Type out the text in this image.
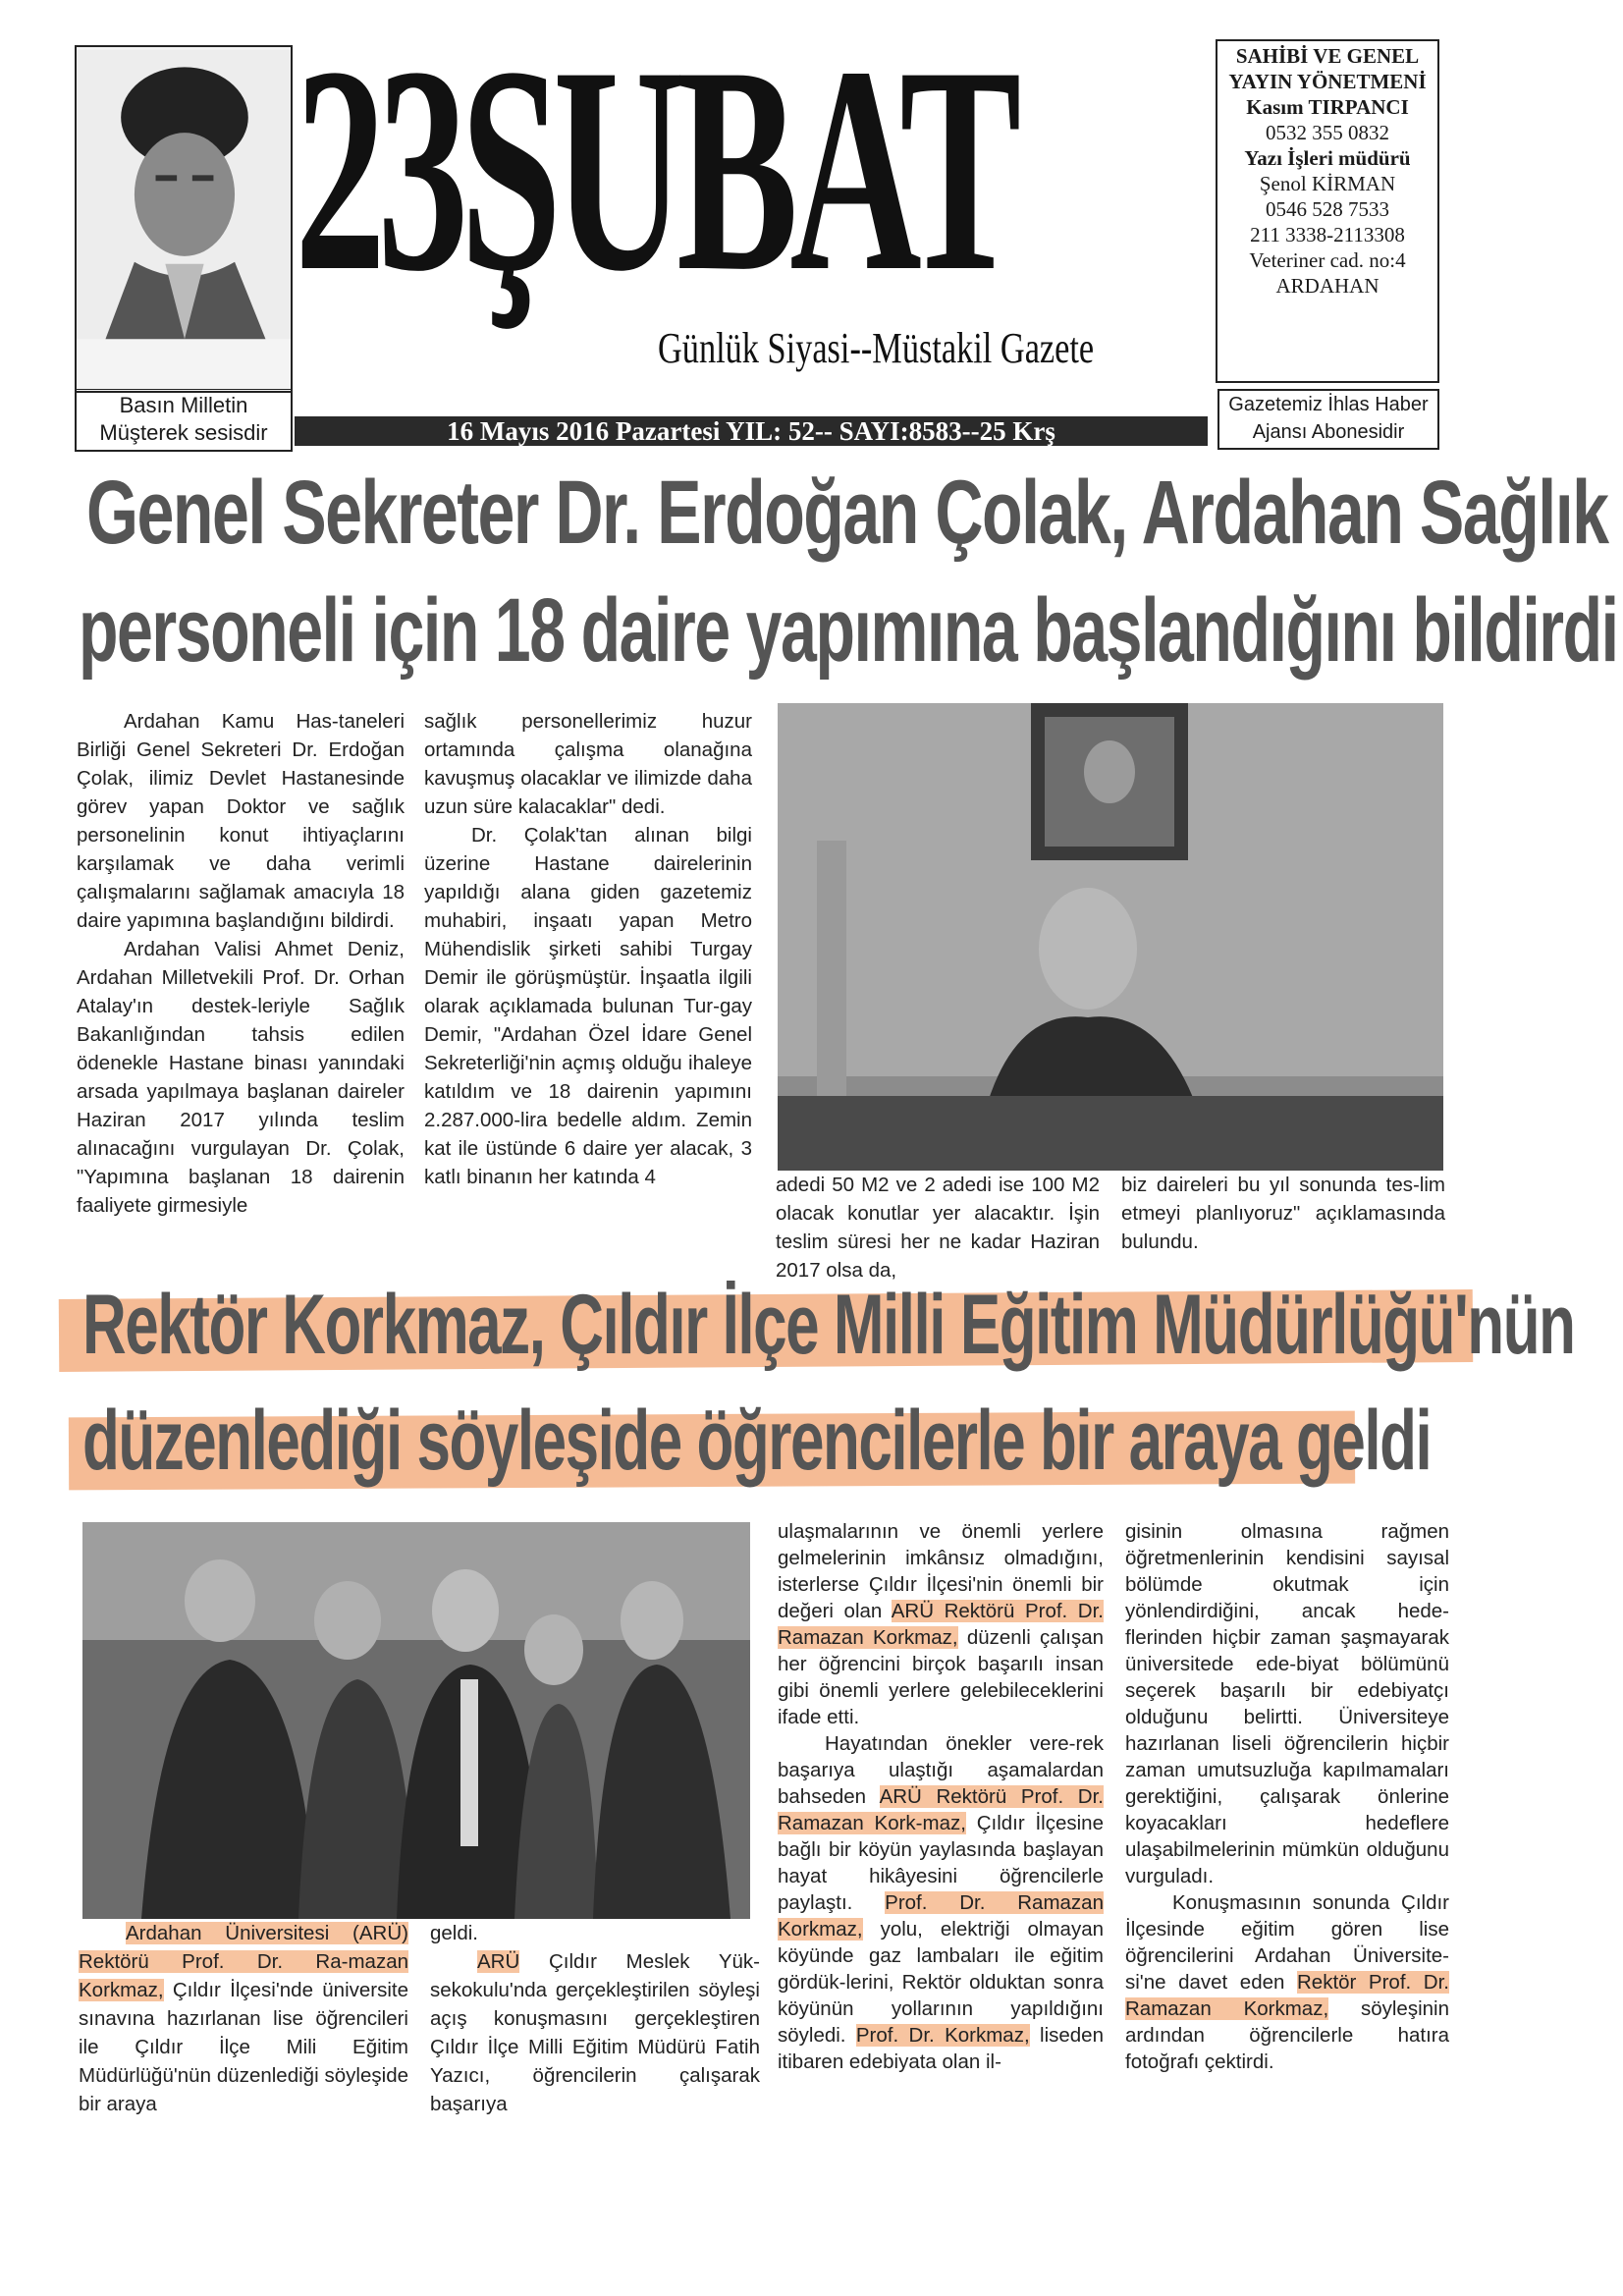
Basın Milletin
Müşterek sesisdir
23ŞUBAT
Günlük Siyasi--Müstakil Gazete
16 Mayıs 2016 Pazartesi YIL: 52-- SAYI:8583--25 Krş
SAHİBİ VE GENEL
YAYIN YÖNETMENİ
Kasım TIRPANCI
0532 355 0832
Yazı İşleri müdürü
Şenol KİRMAN
0546 528 7533
211 3338-2113308
Veteriner cad. no:4
ARDAHAN
Gazetemiz İhlas Haber
Ajansı Abonesidir
Genel Sekreter Dr. Erdoğan Çolak, Ardahan Sağlık
personeli için 18 daire yapımına başlandığını bildirdi

Ardahan Kamu Has-taneleri Birliği Genel Sekreteri Dr. Erdoğan Çolak, ilimiz Devlet Hastanesinde görev yapan Doktor ve sağlık personelinin konut ihtiyaçlarını karşılamak ve daha verimli çalışmalarını sağlamak amacıyla 18 daire yapımına başlandığını bildirdi.

Ardahan Valisi Ahmet Deniz, Ardahan Milletvekili Prof. Dr. Orhan Atalay'ın destek-leriyle Sağlık Bakanlığından tahsis edilen ödenekle Hastane binası yanındaki arsada yapılmaya başlanan daireler Haziran 2017 yılında teslim alınacağını vurgulayan Dr. Çolak, "Yapımına başlanan 18 dairenin faaliyete girmesiyle

sağlık personellerimiz huzur ortamında çalışma olanağına kavuşmuş olacaklar ve ilimizde daha uzun süre kalacaklar" dedi.

Dr. Çolak'tan alınan bilgi üzerine Hastane dairelerinin yapıldığı alana giden gazetemiz muhabiri, inşaatı yapan Metro Mühendislik şirketi sahibi Turgay Demir ile görüşmüştür. İnşaatla ilgili olarak açıklamada bulunan Tur-gay Demir, "Ardahan Özel İdare Genel Sekreterliği'nin açmış olduğu ihaleye katıldım ve 18 dairenin yapımını 2.287.000-lira bedelle aldım. Zemin kat ile üstünde 6 daire yer alacak, 3 katlı binanın her katında 4	adedi 50 M2 ve 2 adedi ise 100 M2 olacak konutlar yer alacaktır. İşin teslim süresi her ne kadar Haziran 2017 olsa da,

biz daireleri bu yıl sonunda tes-lim etmeyi planlıyoruz" açıklamasında bulundu.

Rektör Korkmaz, Çıldır İlçe Milli Eğitim Müdürlüğü'nün
düzenlediği söyleşide öğrencilerle bir araya geldi

Ardahan Üniversitesi (ARÜ) Rektörü Prof. Dr. Ra-mazan Korkmaz, Çıldır İlçesi'nde üniversite sınavına hazırlanan lise öğrencileri ile Çıldır İlçe Mili Eğitim Müdürlüğü'nün düzenlediği söyleşide bir araya

geldi.

ARÜ Çıldır Meslek Yük-sekokulu'nda gerçekleştirilen söyleşi açış konuşmasını gerçekleştiren Çıldır İlçe Milli Eğitim Müdürü Fatih Yazıcı, öğrencilerin çalışarak başarıya

ulaşmalarının ve önemli yerlere gelmelerinin imkânsız olmadığını, isterlerse Çıldır İlçesi'nin önemli bir değeri olan ARÜ Rektörü Prof. Dr. Ramazan Korkmaz, düzenli çalışan her öğrencini birçok başarılı insan gibi önemli yerlere gelebileceklerini ifade etti.

Hayatından önekler vere-rek başarıya ulaştığı aşamalardan bahseden ARÜ Rektörü Prof. Dr. Ramazan Kork-maz, Çıldır İlçesine bağlı bir köyün yaylasında başlayan hayat hikâyesini öğrencilerle paylaştı. Prof. Dr. Ramazan Korkmaz, yolu, elektriği olmayan köyünde gaz lambaları ile eğitim gördük-lerini, Rektör olduktan sonra köyünün yollarının yapıldığını söyledi. Prof. Dr. Korkmaz, liseden itibaren edebiyata olan il-

gisinin olmasına rağmen öğretmenlerinin kendisini sayısal bölümde okutmak için yönlendirdiğini, ancak hede-flerinden hiçbir zaman şaşmayarak üniversitede ede-biyat bölümünü seçerek başarılı bir edebiyatçı olduğunu belirtti. Üniversiteye hazırlanan liseli öğrencilerin hiçbir zaman umutsuzluğa kapılmamaları gerektiğini, çalışarak önlerine koyacakları hedeflere ulaşabilmelerinin mümkün olduğunu vurguladı.

Konuşmasının sonunda Çıldır İlçesinde eğitim gören lise öğrencilerini Ardahan Üniversite-si'ne davet eden Rektör Prof. Dr. Ramazan Korkmaz, söyleşinin ardından öğrencilerle hatıra fotoğrafı çektirdi.
